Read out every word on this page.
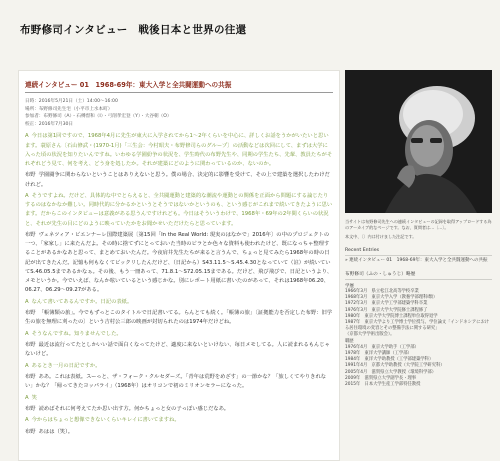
布野修司インタビュー　戦後日本と世界の往還
連続インタビュー 01　1968-69年：東大入学と全共闘運動への共振
日時：2016年5月21日（土）14:00〜16:00
場所：布野修司先生宅（小平市上水本町）
参加者：布野修司（A）・石榑督和（I）・弓削孝宏登（Y）・大谷朝（O）
校正：2016年7月30日

A 今日は第1回ですので、1968年4月に先生が東大に入学されてから1〜2年くらいを中心に、詳しくお話をうかがいたいと思います。蓑原さん〔石山修武・(1970-1月)「三生会：今村昭夫・布野修司らのグループ〕の活動などは次回にして、まずは大学に入った頃の状況を知りたいんですね。いわゆる学園紛争の状況を、学生時代の布野先生や、同期の学生たち、先輩、教員たちがそれぞれどう見て、何を考え、どう身を処したか。それが建築にどのように関わっているのか、ないのか。

布野 学園闘争に関わらないということはありえないと思う。僕の場合、決定的に影響を受けて、その上で建築を選択したわけだけれど。

A そうですよね。だけど、具体的な中でとらえると、全共闘運動と建築的な潮流や運動との関係を正面から問題にする論じたりするのはなかなか難しい。同時代的に分かるかというとそうではないかというのも、という感じがこれまで続いてきたように思います。だからこのインタビューは意義がある思うんですけれども。今日はそういうわけで、1968年・69年の2年間くらいの状況と、それが先生の目にどのように映っていたかをお聞かせいただけたらと思っています。

布野 ヴェネツィア・ビエンナーレ国際建築展〔第15回「In the Real World: 現実のはなかで」2016年〕の中のプロジェクトの一つ、「家家し」に来たんだよ。その時に捨てずにとっておいた当時のビラとか色々な資料も使われたけど、既になっちゃ整理することがあるかなあと思って、まとめておいたんだ。今夜肩井先生たちが来ると言うんで、ちょっと見てみたら1968年の時の日記が出てきたんだ。記憶も何もなくてビックリしたんだけど、（日記から）S43.11.5〜S.45.4.30となっていて（註）が続いていてS.46.05.5まであるかなぁ。その後、もう一冊あって、71.8.1〜S72.05.15まである。だけど、飛び飛びで、日記というより、メモというか。今でいえば、なんか呟いているという感じかな。別にレポート用紙に書いたのがあって、それは1968年06.20、06.27、06.29〜09.27がある。

A なんて書いてあるんですか。日記の表紙。

布野 「帳簿類の旅」。今でもずっとこのタイトルで日記書いてる。らんとても続く。「帳簿の旅」〔証拠能力を否定した布野：旧学生の旅を無理に刈ったの〕という吉村公三郎の映画が封切られたのは1974年だけどね。

A そうなんですね。知りませんでした。

布野 最近は流行ってたとしかいい話で面白くなってたけど、適度に来ないといけない、毎日メモしてる。人に読まれるもんじゃないけど。

A あるとき一月の日記ですか。

布野 ああ。これは表紙。スーっと、ザ・フォーク・クルセダーズ。「青年は荒野をめざす」の一節かな？「旅しくてやりきれない」かな？「帰ってきたヨッパライ」（1968年）はオリコンで初のミリオンセラーになった。

A 笑

布野 読めばそれに何考えてたか思い出す方。何かちょっと女の子っぽい感じだなあ。

A 今からはちょっと想像できないくらいキレイに書いてますね。

布野 あはは（笑）。

当サイトは布野修司先生への連続インタビューの記録を取得アップロードする為のアーカイブ的なページです。なお、質問者は…〔…〕。
本文中、〔〕内は付けました注記です。
Recent Entries
» 連続インタビュー 01　1968-69年：東大入学と全共闘運動への共振
布野修司（ふの・しゅうじ）略歴
学歴
1966年3月　県立松江北高等学校卒業
1968年3月　東京大学入学（教養学部理科Ⅰ類）
1972年3月　東京大学工学部建築学科卒業
1976年3月　東京大学大学院修士課程修了
1980年　東京大学大学院博士課程単位取得退学
1987年　東京大学より工学博士学位授与。学位論文「インドネシアにおける居住環境の変容とその整備手法に関する研究」
（京都大学学術出版会）。
職歴
1976年4月　東京大学助手（工学部）
1978年　東洋大学講師（工学部）
1984年　東洋大学助教授（工学部建築学科）
1991年4月　京都大学助教授（大学院工学研究科）
2005年4月　滋賀県立大学教授（環境科学部）
2009年　滋賀県立大学副学長・理事
2015年　日本大学生産工学部特任教授
